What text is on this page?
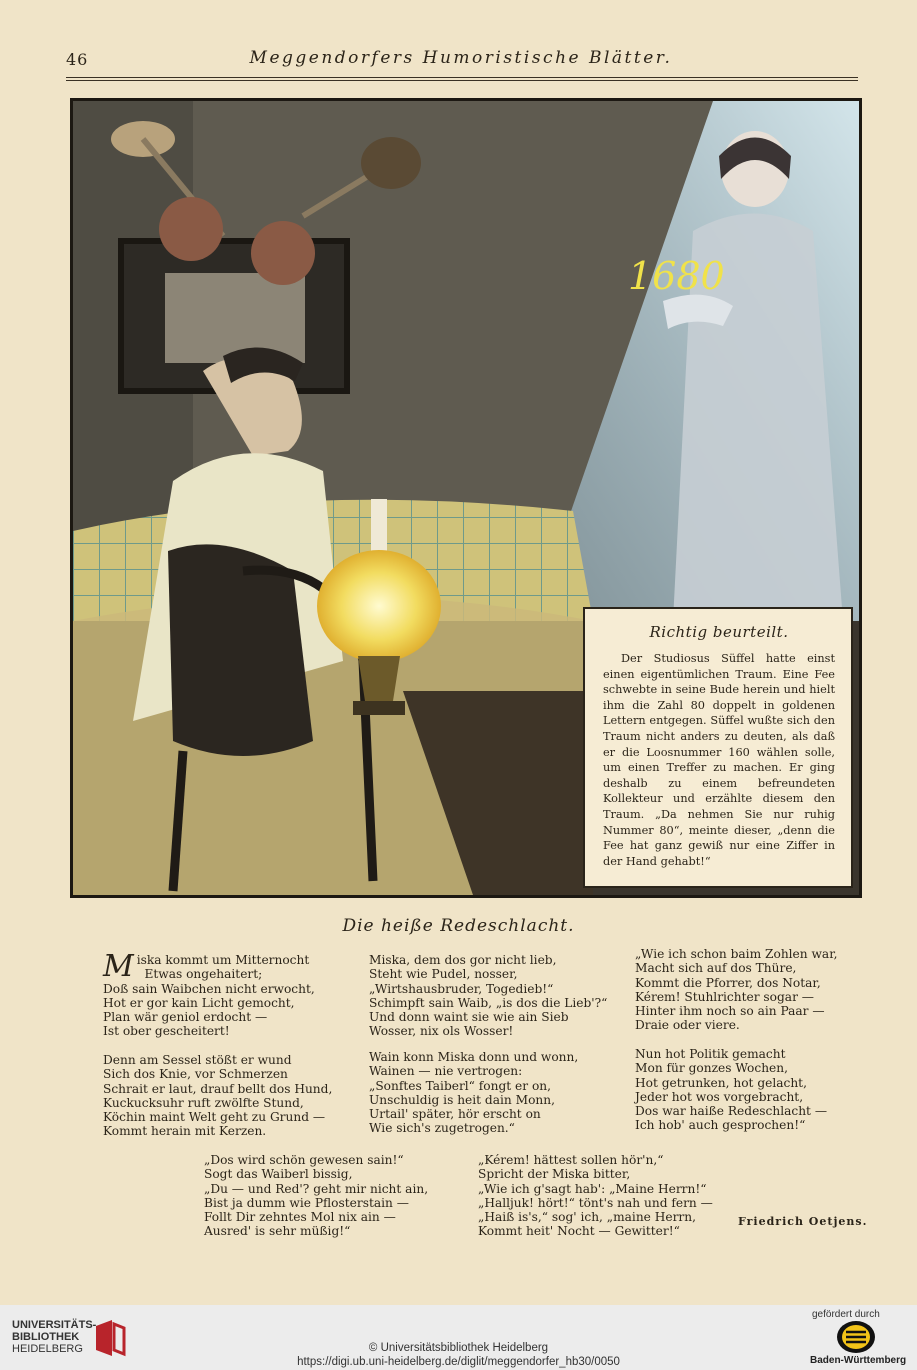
46	Meggendorfers Humoristische Blätter.
1680
Richtig beurteilt.
Der Studiosus Süffel hatte einst einen eigentümlichen Traum. Eine Fee schwebte in seine Bude herein und hielt ihm die Zahl 80 doppelt in goldenen Lettern entgegen. Süffel wußte sich den Traum nicht anders zu deuten, als daß er die Loosnummer 160 wählen solle, um einen Treffer zu machen. Er ging deshalb zu einem befreundeten Kollekteur und erzählte diesem den Traum. „Da nehmen Sie nur ruhig Nummer 80“, meinte dieser, „denn die Fee hat ganz gewiß nur eine Ziffer in der Hand gehabt!“
Die heiße Redeschlacht.
Miska kommt um Mitternocht
Etwas ongehaitert;
Doß sain Waibchen nicht erwocht,
Hot er gor kain Licht gemocht,
Plan wär geniol erdocht —
Ist ober gescheitert!
Denn am Sessel stößt er wund
Sich dos Knie, vor Schmerzen
Schrait er laut, drauf bellt dos Hund,
Kuckucksuhr ruft zwölfte Stund,
Köchin maint Welt geht zu Grund —
Kommt herain mit Kerzen.
Miska, dem dos gor nicht lieb,
Steht wie Pudel, nosser,
„Wirtshausbruder, Togedieb!“
Schimpft sain Waib, „is dos die Lieb'?“
Und donn waint sie wie ain Sieb
Wosser, nix ols Wosser!
Wain konn Miska donn und wonn,
Wainen — nie vertrogen:
„Sonftes Taiberl“ fongt er on,
Unschuldig is heit dain Monn,
Urtail' später, hör erscht on
Wie sich's zugetrogen.“
„Wie ich schon baim Zohlen war,
Macht sich auf dos Thüre,
Kommt die Pforrer, dos Notar,
Kérem! Stuhlrichter sogar —
Hinter ihm noch so ain Paar —
Draie oder viere.
Nun hot Politik gemacht
Mon für gonzes Wochen,
Hot getrunken, hot gelacht,
Jeder hot wos vorgebracht,
Dos war haiße Redeschlacht —
Ich hob' auch gesprochen!“
„Dos wird schön gewesen sain!“
Sogt das Waiberl bissig,
„Du — und Red'? geht mir nicht ain,
Bist ja dumm wie Pflosterstain —
Follt Dir zehntes Mol nix ain —
Ausred' is sehr müßig!“
„Kérem! hättest sollen hör'n,“
Spricht der Miska bitter,
„Wie ich g'sagt hab': „Maine Herrn!“
„Halljuk! hört!“ tönt's nah und fern —
„Haiß is's,“ sog' ich, „maine Herrn,
Kommt heit' Nocht — Gewitter!“
Friedrich Oetjens.
UNIVERSITÄTS-
BIBLIOTHEK
HEIDELBERG	© Universitätsbibliothek Heidelberg
https://digi.ub.uni-heidelberg.de/diglit/meggendorfer_hb30/0050
gefördert durch
Baden-Württemberg
